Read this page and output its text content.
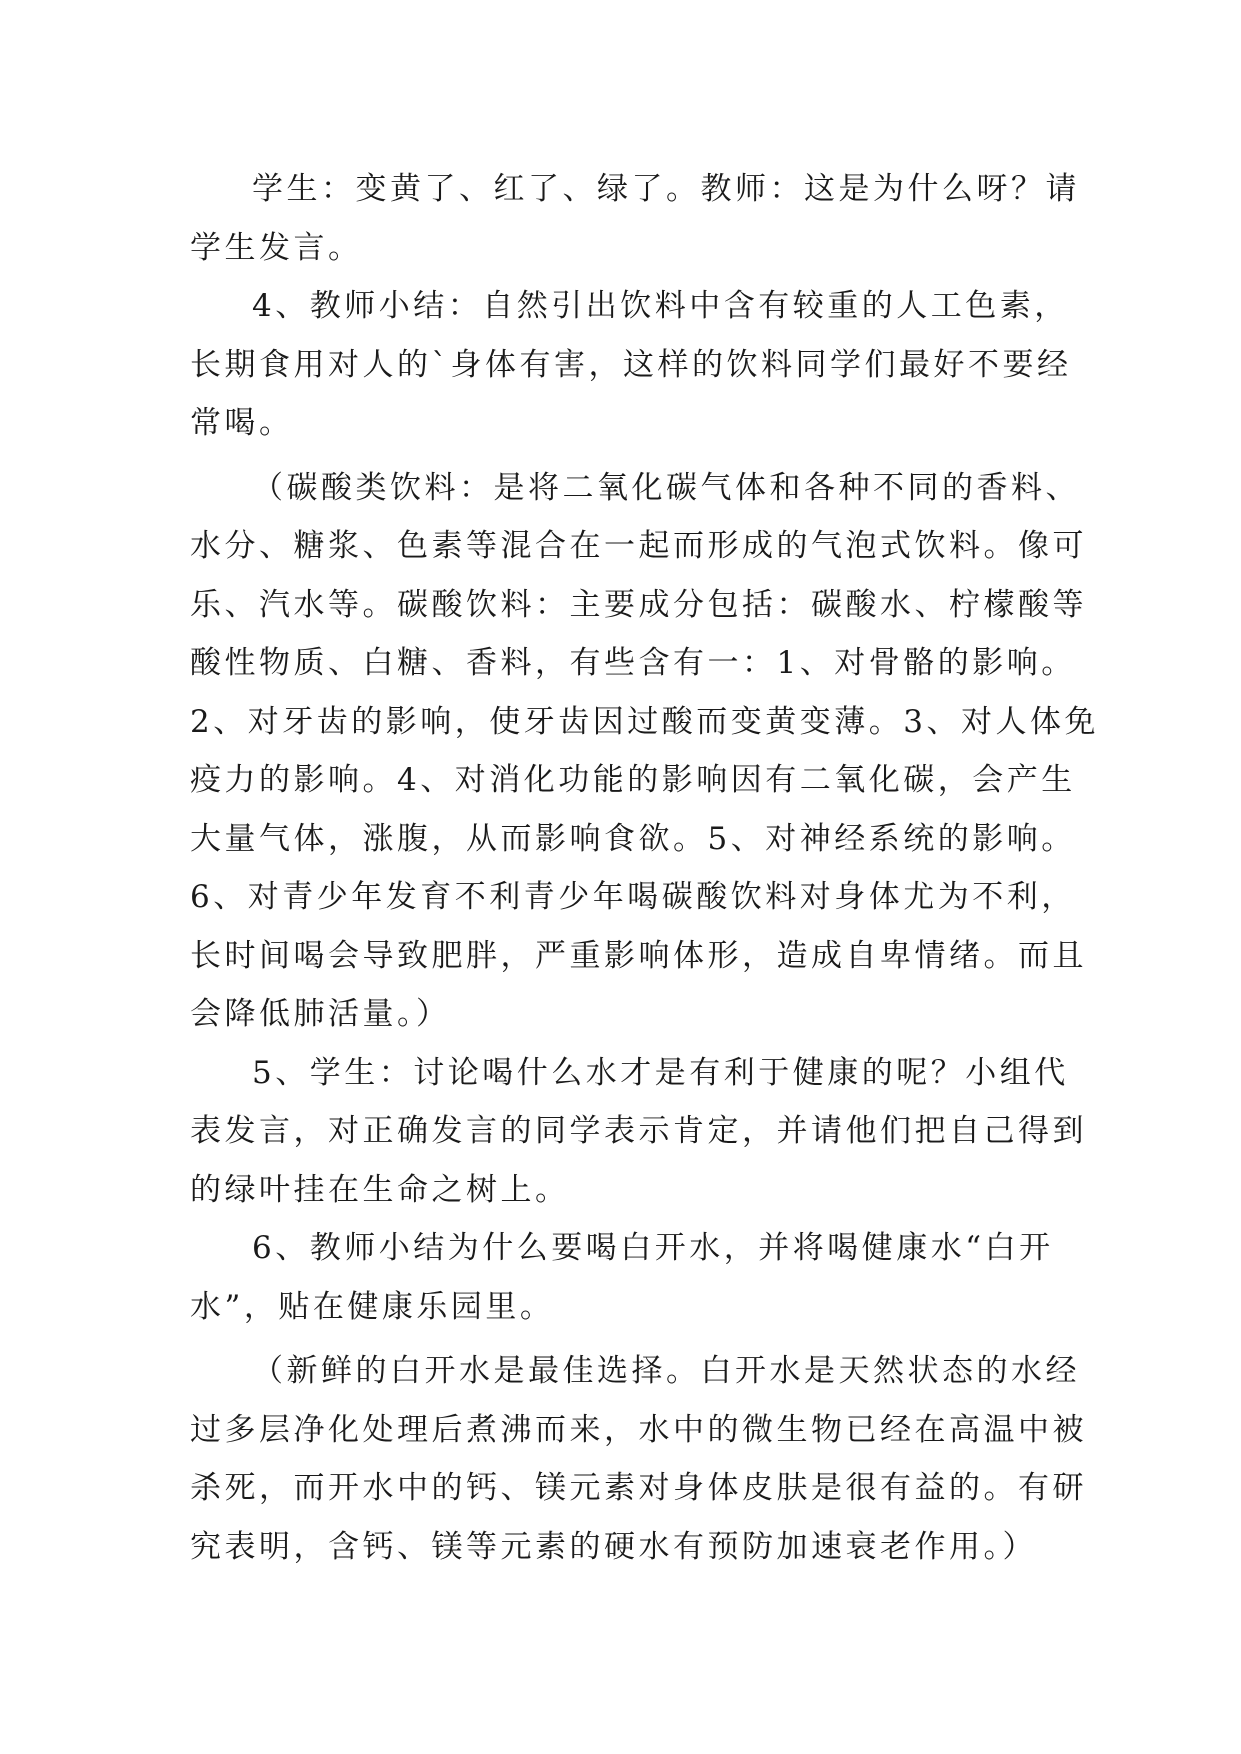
学生：变黄了、红了、绿了。教师：这是为什么呀？请
学生发言。

4、教师小结：自然引出饮料中含有较重的人工色素，
长期食用对人的`身体有害，这样的饮料同学们最好不要经
常喝。

（碳酸类饮料：是将二氧化碳气体和各种不同的香料、
水分、糖浆、色素等混合在一起而形成的气泡式饮料。像可
乐、汽水等。碳酸饮料：主要成分包括：碳酸水、柠檬酸等
酸性物质、白糖、香料，有些含有一：1、对骨骼的影响。
2、对牙齿的影响，使牙齿因过酸而变黄变薄。3、对人体免
疫力的影响。4、对消化功能的影响因有二氧化碳，会产生
大量气体，涨腹，从而影响食欲。5、对神经系统的影响。
6、对青少年发育不利青少年喝碳酸饮料对身体尤为不利，
长时间喝会导致肥胖，严重影响体形，造成自卑情绪。而且
会降低肺活量。）

5、学生：讨论喝什么水才是有利于健康的呢？小组代
表发言，对正确发言的同学表示肯定，并请他们把自己得到
的绿叶挂在生命之树上。

6、教师小结为什么要喝白开水，并将喝健康水“白开
水”，贴在健康乐园里。

（新鲜的白开水是最佳选择。白开水是天然状态的水经
过多层净化处理后煮沸而来，水中的微生物已经在高温中被
杀死，而开水中的钙、镁元素对身体皮肤是很有益的。有研
究表明，含钙、镁等元素的硬水有预防加速衰老作用。）
